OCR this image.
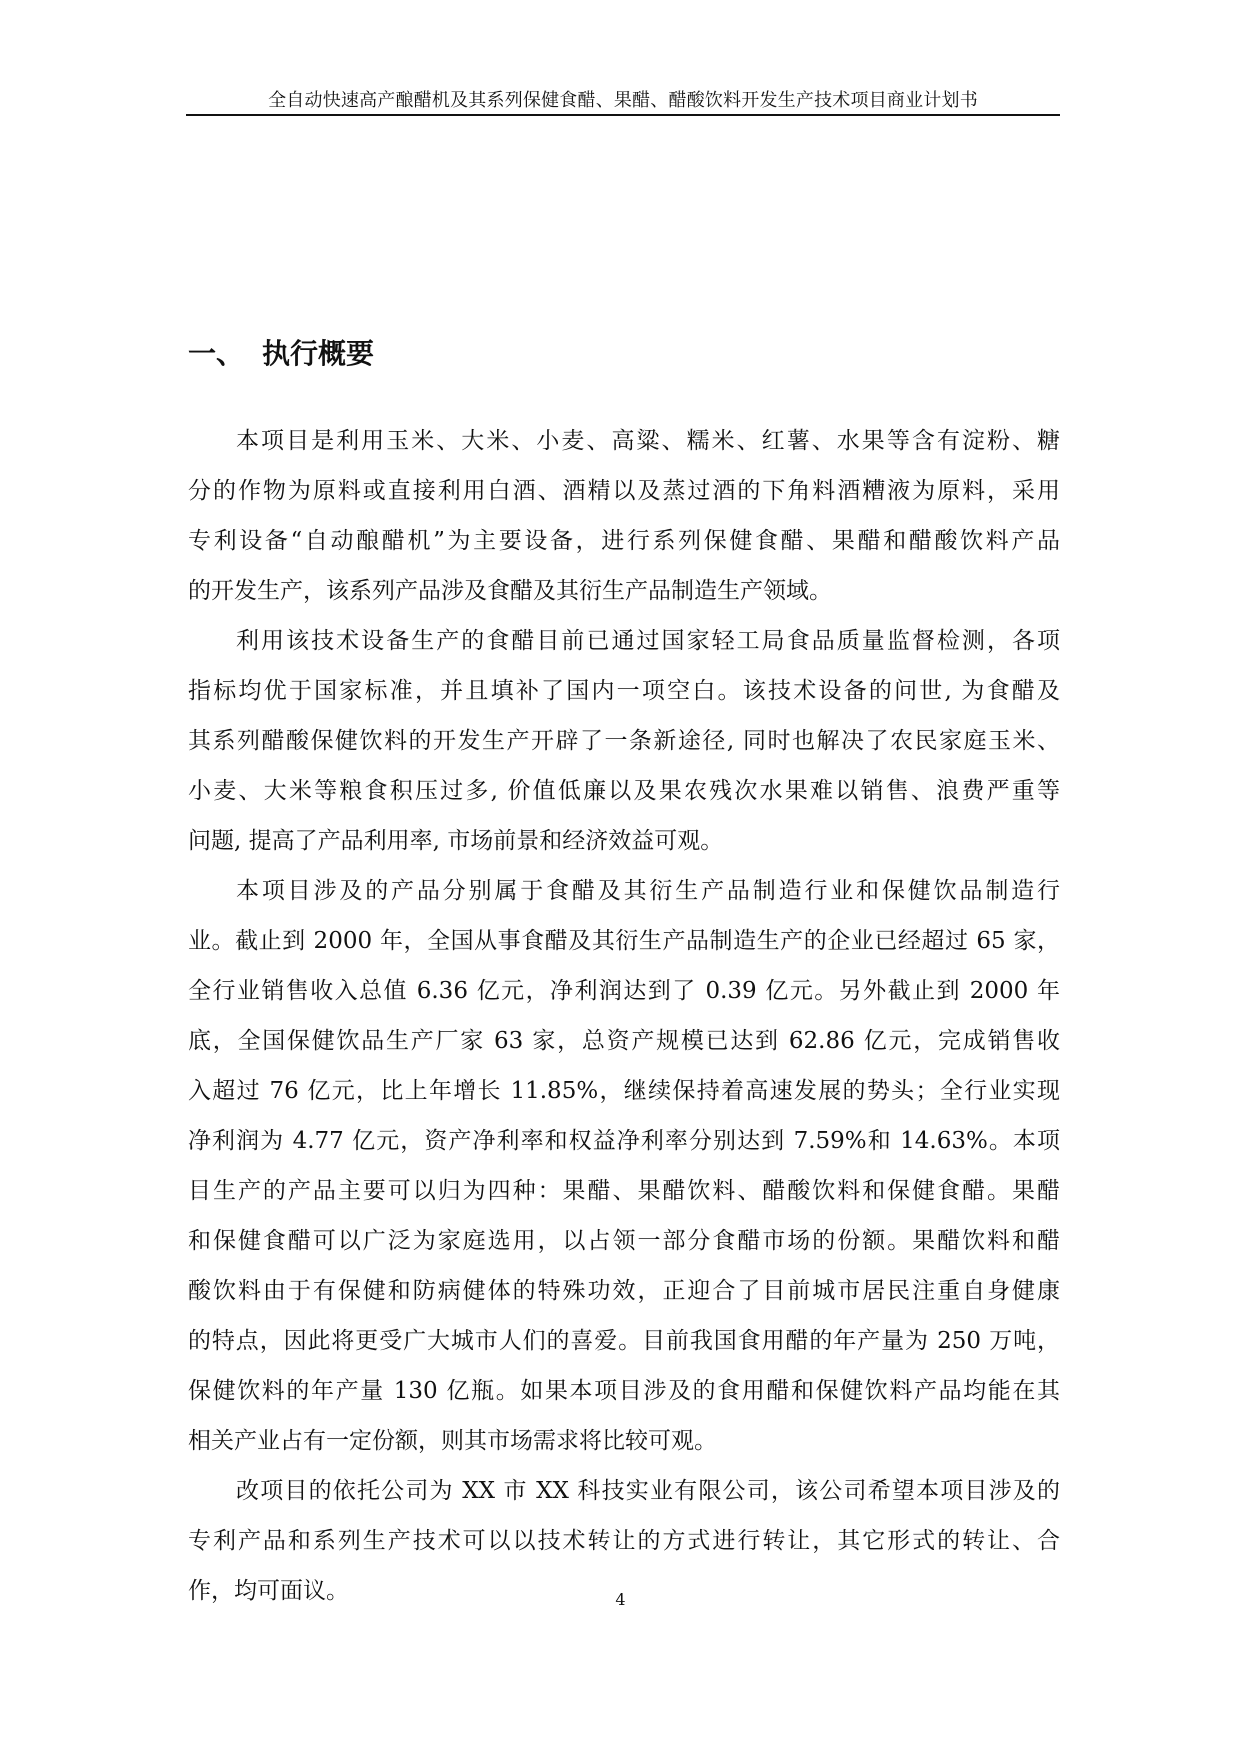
全自动快速高产酿醋机及其系列保健食醋、果醋、醋酸饮料开发生产技术项目商业计划书
一、 执行概要
本项目是利用玉米、大米、小麦、高粱、糯米、红薯、水果等含有淀粉、糖
分的作物为原料或直接利用白酒、酒精以及蒸过酒的下角料酒糟液为原料，采用
专利设备“自动酿醋机”为主要设备，进行系列保健食醋、果醋和醋酸饮料产品
的开发生产，该系列产品涉及食醋及其衍生产品制造生产领域。
利用该技术设备生产的食醋目前已通过国家轻工局食品质量监督检测，各项
指标均优于国家标准，并且填补了国内一项空白。该技术设备的问世, 为食醋及
其系列醋酸保健饮料的开发生产开辟了一条新途径, 同时也解决了农民家庭玉米、
小麦、大米等粮食积压过多, 价值低廉以及果农残次水果难以销售、浪费严重等
问题, 提高了产品利用率, 市场前景和经济效益可观。
本项目涉及的产品分别属于食醋及其衍生产品制造行业和保健饮品制造行
业。截止到 2000 年，全国从事食醋及其衍生产品制造生产的企业已经超过 65 家，
全行业销售收入总值 6.36 亿元，净利润达到了 0.39 亿元。另外截止到 2000 年
底，全国保健饮品生产厂家 63 家，总资产规模已达到 62.86 亿元，完成销售收
入超过 76 亿元，比上年增长 11.85%，继续保持着高速发展的势头；全行业实现
净利润为 4.77 亿元，资产净利率和权益净利率分别达到 7.59%和 14.63%。本项
目生产的产品主要可以归为四种：果醋、果醋饮料、醋酸饮料和保健食醋。果醋
和保健食醋可以广泛为家庭选用，以占领一部分食醋市场的份额。果醋饮料和醋
酸饮料由于有保健和防病健体的特殊功效，正迎合了目前城市居民注重自身健康
的特点，因此将更受广大城市人们的喜爱。目前我国食用醋的年产量为 250 万吨，
保健饮料的年产量 130 亿瓶。如果本项目涉及的食用醋和保健饮料产品均能在其
相关产业占有一定份额，则其市场需求将比较可观。
改项目的依托公司为 XX 市 XX 科技实业有限公司，该公司希望本项目涉及的
专利产品和系列生产技术可以以技术转让的方式进行转让，其它形式的转让、合
作，均可面议。	4
